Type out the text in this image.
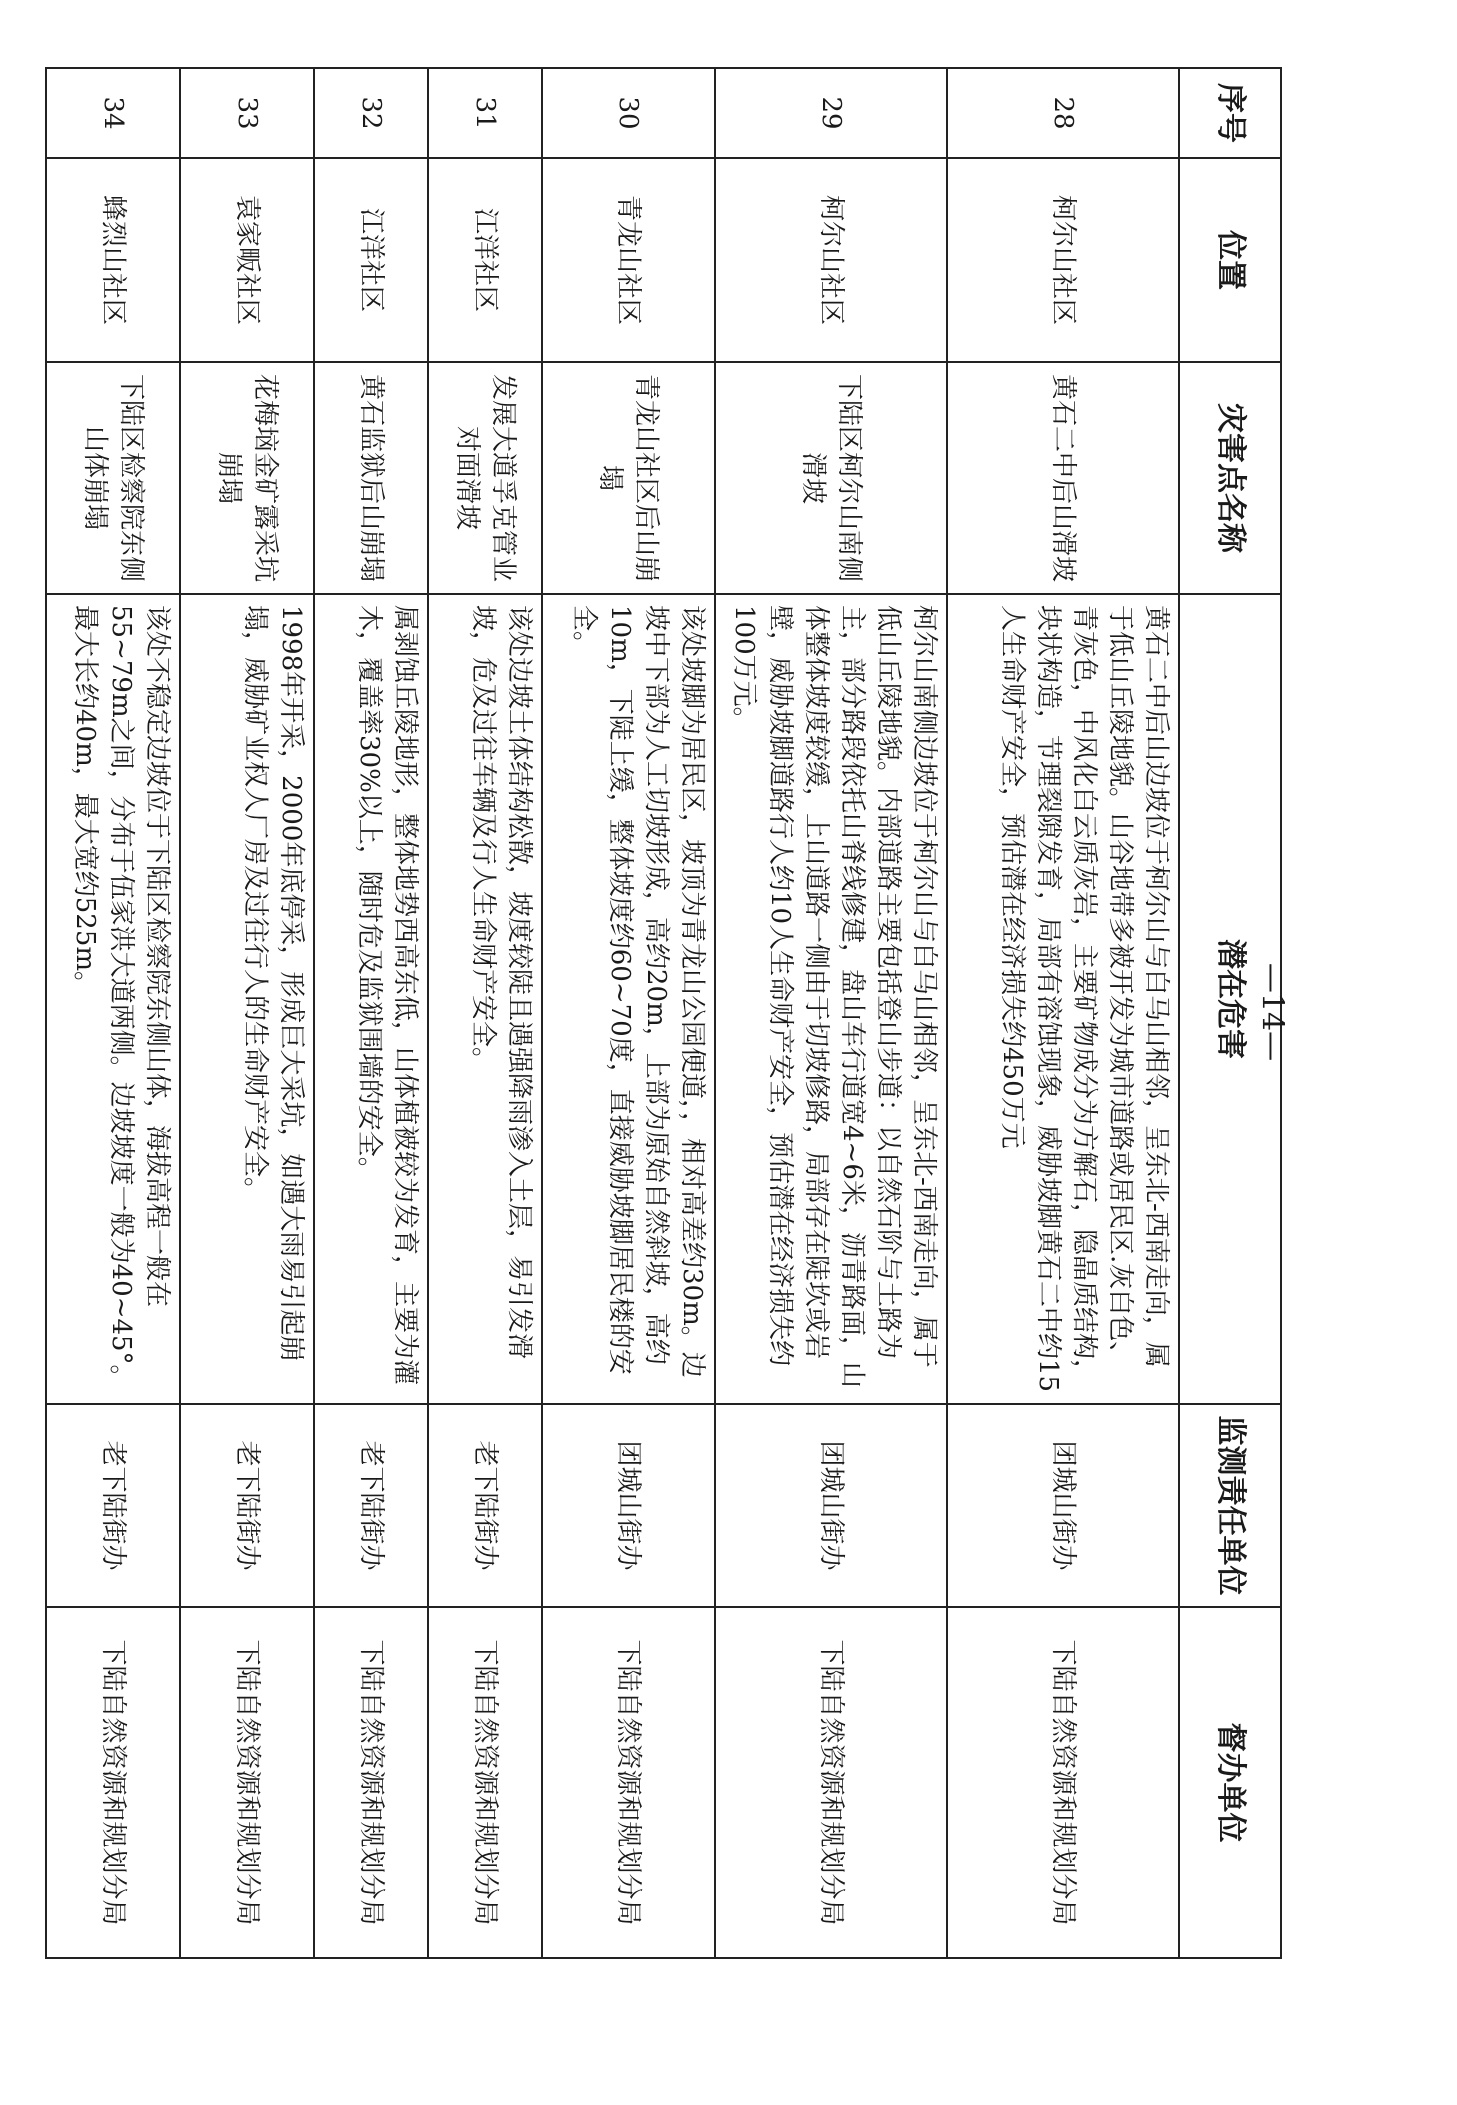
序号	位置	灾害点名称	潜在危害	监测责任单位	督办单位
28	柯尔山社区	黄石二中后山滑坡	黄石二中后山边坡位于柯尔山与白马山相邻，呈东北-西南走向，属于低山丘陵地貌。山谷地带多被开发为城市道路或居民区.灰白色、青灰色，中风化白云质灰岩，主要矿物成分为方解石，隐晶质结构，块状构造，节理裂隙发育，局部有溶蚀现象，威胁坡脚黄石二中约15人生命财产安全，预估潜在经济损失约450万元	团城山街办	下陆自然资源和规划分局
29	柯尔山社区	下陆区柯尔山南侧滑坡	柯尔山南侧边坡位于柯尔山与白马山相邻，呈东北-西南走向，属于低山丘陵地貌。内部道路主要包括登山步道：以自然石阶与土路为主，部分路段依托山脊线修建，盘山车行道宽4~6米，沥青路面，山体整体坡度较缓，上山道路一侧由于切坡修路，局部存在陡坎或岩壁，威胁坡脚道路行人约10人生命财产安全，预估潜在经济损失约100万元。	团城山街办	下陆自然资源和规划分局
30	青龙山社区	青龙山社区后山崩塌	该处坡脚为居民区，坡顶为青龙山公园便道，，相对高差约30m。边坡中下部为人工切坡形成，高约20m，上部为原始自然斜坡，高约10m，下陡上缓，整体坡度约60~70度，直接威胁坡脚居民楼的安全。	团城山街办	下陆自然资源和规划分局
31	江洋社区	发展大道孚克管业对面滑坡	该处边坡土体结构松散，坡度较陡且遇强降雨渗入土层，易引发滑坡，危及过往车辆及行人生命财产安全。	老下陆街办	下陆自然资源和规划分局
32	江洋社区	黄石监狱后山崩塌	属剥蚀丘陵地形，整体地势西高东低，山体植被较为发育，主要为灌木，覆盖率30%以上，随时危及监狱围墙的安全。	老下陆街办	下陆自然资源和规划分局
33	袁家畈社区	花梅垴金矿露采坑崩塌	1998年开采，2000年底停采，形成巨大采坑，如遇大雨易引起崩塌，威胁矿业权人厂房及过往行人的生命财产安全。	老下陆街办	下陆自然资源和规划分局
34	蜂烈山社区	下陆区检察院东侧山体崩塌	该处不稳定边坡位于下陆区检察院东侧山体，海拔高程一般在55~79m之间，分布于伍家洪大道两侧。边坡坡度一般为40~45°。最大长约40m，最大宽约525m。	老下陆街办	下陆自然资源和规划分局
—14—
